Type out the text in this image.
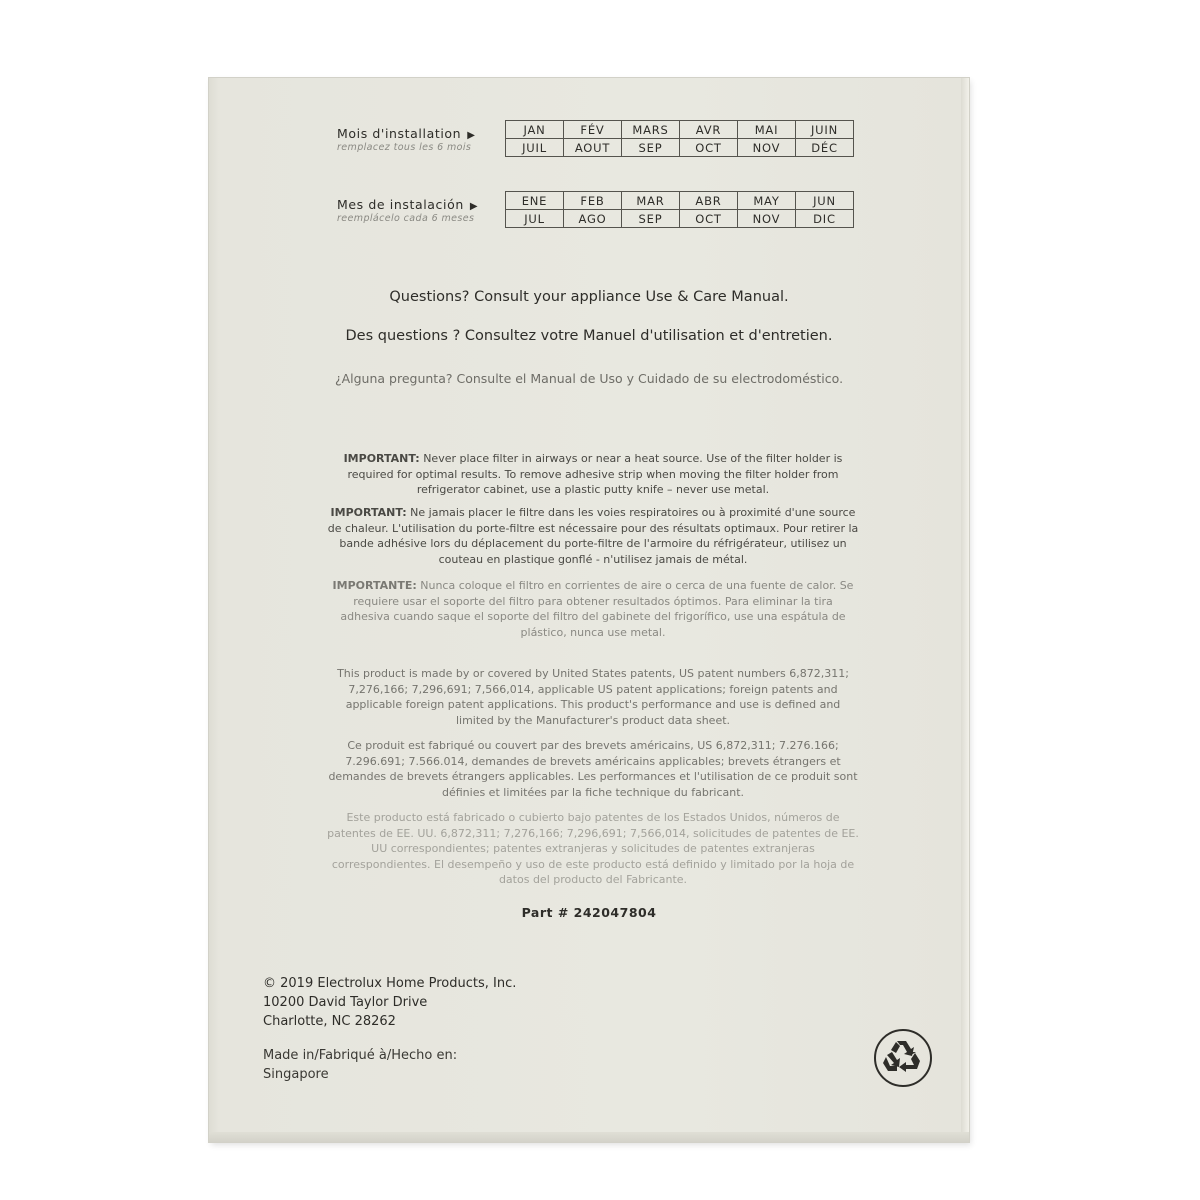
Mois d'installation ▶
remplacez tous les 6 mois
JAN	FÉV	MARS	AVR	MAI	JUIN
JUIL	AOUT	SEP	OCT	NOV	DÉC
Mes de instalación ▶
reemplácelo cada 6 meses
ENE	FEB	MAR	ABR	MAY	JUN
JUL	AGO	SEP	OCT	NOV	DIC
Questions? Consult your appliance Use & Care Manual.
Des questions ? Consultez votre Manuel d'utilisation et d'entretien.
¿Alguna pregunta? Consulte el Manual de Uso y Cuidado de su electrodoméstico.
IMPORTANT: Never place filter in airways or near a heat source. Use of the filter holder is required for optimal results. To remove adhesive strip when moving the filter holder from refrigerator cabinet, use a plastic putty knife – never use metal.
IMPORTANT: Ne jamais placer le filtre dans les voies respiratoires ou à proximité d'une source de chaleur. L'utilisation du porte-filtre est nécessaire pour des résultats optimaux. Pour retirer la bande adhésive lors du déplacement du porte-filtre de l'armoire du réfrigérateur, utilisez un couteau en plastique gonflé - n'utilisez jamais de métal.
IMPORTANTE: Nunca coloque el filtro en corrientes de aire o cerca de una fuente de calor. Se requiere usar el soporte del filtro para obtener resultados óptimos. Para eliminar la tira adhesiva cuando saque el soporte del filtro del gabinete del frigorífico, use una espátula de plástico, nunca use metal.
This product is made by or covered by United States patents, US patent numbers 6,872,311; 7,276,166; 7,296,691; 7,566,014, applicable US patent applications; foreign patents and applicable foreign patent applications. This product's performance and use is defined and limited by the Manufacturer's product data sheet.
Ce produit est fabriqué ou couvert par des brevets américains, US 6,872,311; 7.276.166; 7.296.691; 7.566.014, demandes de brevets américains applicables; brevets étrangers et demandes de brevets étrangers applicables. Les performances et l'utilisation de ce produit sont définies et limitées par la fiche technique du fabricant.
Este producto está fabricado o cubierto bajo patentes de los Estados Unidos, números de patentes de EE. UU. 6,872,311; 7,276,166; 7,296,691; 7,566,014, solicitudes de patentes de EE. UU correspondientes; patentes extranjeras y solicitudes de patentes extranjeras correspondientes. El desempeño y uso de este producto está definido y limitado por la hoja de datos del producto del Fabricante.
Part # 242047804
© 2019 Electrolux Home Products, Inc.
10200 David Taylor Drive
Charlotte, NC 28262
Made in/Fabriqué à/Hecho en:
Singapore
